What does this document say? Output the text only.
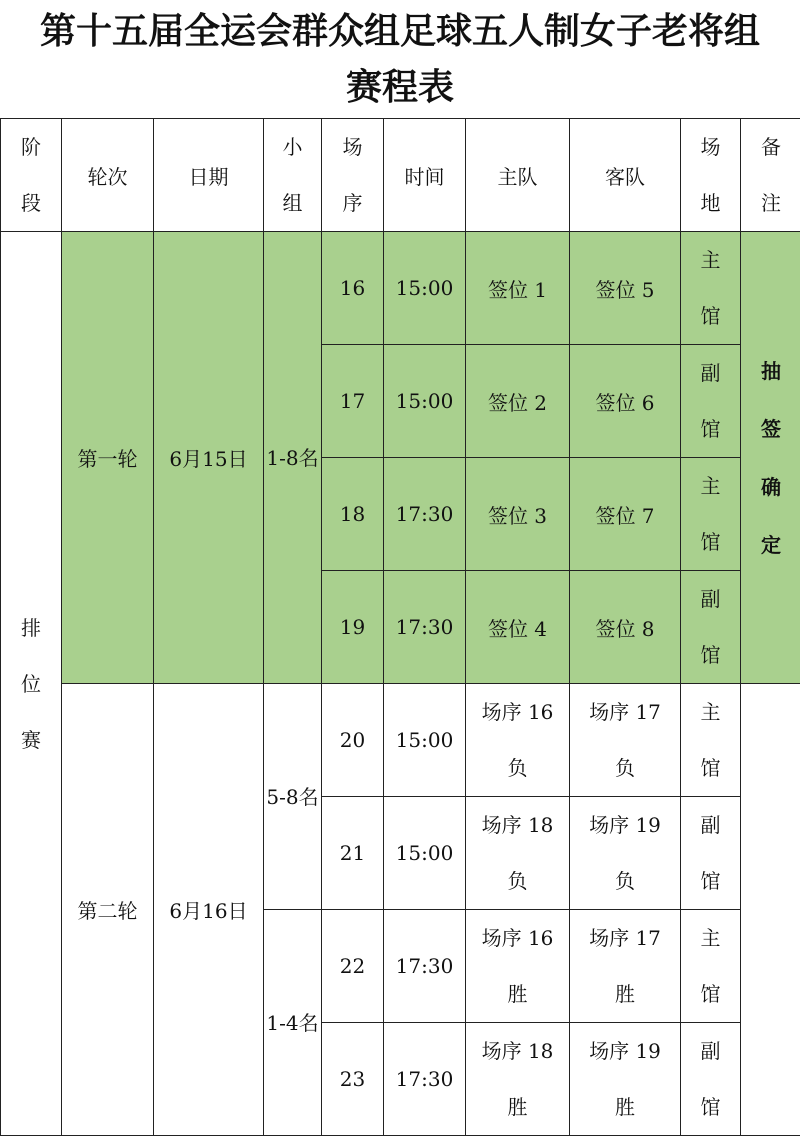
第十五届全运会群众组足球五人制女子老将组
赛程表
阶段	轮次	日期	小组	场序	时间	主队	客队	场地	备注
排位赛	第一轮	6月15日	1-8名	16	15:00	签位 1	签位 5	主馆	抽签确定
				17	15:00	签位 2	签位 6	副馆	
				18	17:30	签位 3	签位 7	主馆	
				19	17:30	签位 4	签位 8	副馆	
	第二轮	6月16日	5-8名	20	15:00	场序 16 负	场序 17 负	主馆	
				21	15:00	场序 18 负	场序 19 负	副馆	
			1-4名	22	17:30	场序 16 胜	场序 17 胜	主馆	
				23	17:30	场序 18 胜	场序 19 胜	副馆	
